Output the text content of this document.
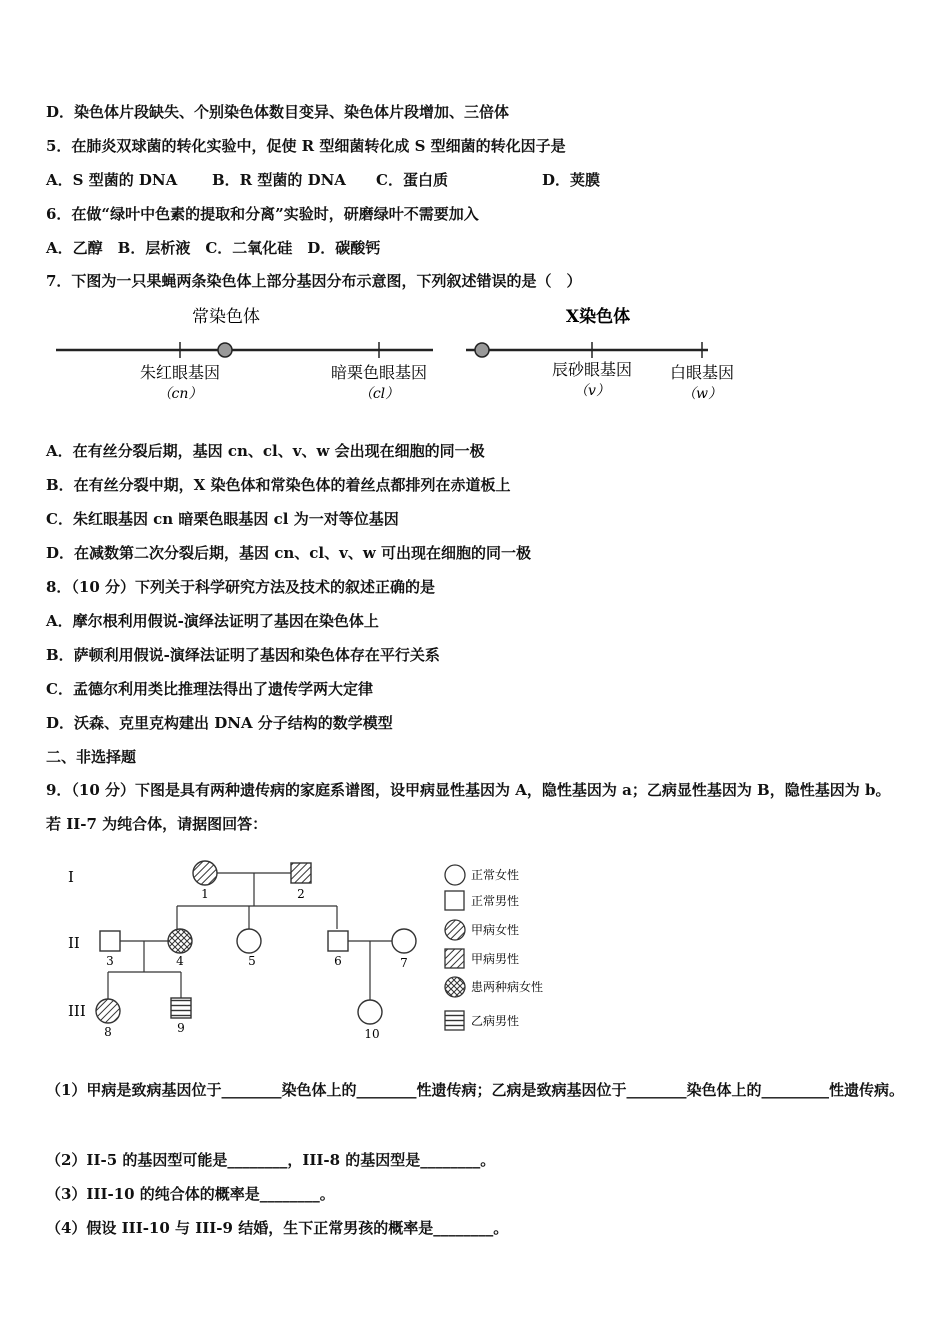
D．染色体片段缺失、个别染色体数目变异、染色体片段增加、三倍体
5．在肺炎双球菌的转化实验中，促使 R 型细菌转化成 S 型细菌的转化因子是
A．S 型菌的 DNA B．R 型菌的 DNA C．蛋白质	D．荚膜
6．在做“绿叶中色素的提取和分离”实验时，研磨绿叶不需要加入
A．乙醇　B．层析液　C．二氧化硅　D．碳酸钙
7．下图为一只果蝇两条染色体上部分基因分布示意图，下列叙述错误的是（　）
常染色体	X染色体
朱红眼基因
（cn）
暗栗色眼基因
（cl）
辰砂眼基因
（v）
白眼基因
（w）
A．在有丝分裂后期，基因 cn、cl、v、w 会出现在细胞的同一极
B．在有丝分裂中期，X 染色体和常染色体的着丝点都排列在赤道板上
C．朱红眼基因 cn 暗栗色眼基因 cl 为一对等位基因
D．在减数第二次分裂后期，基因 cn、cl、v、w 可出现在细胞的同一极
8．（10 分）下列关于科学研究方法及技术的叙述正确的是
A．摩尔根利用假说-演绎法证明了基因在染色体上
B．萨顿利用假说-演绎法证明了基因和染色体存在平行关系
C．孟德尔利用类比推理法得出了遗传学两大定律
D．沃森、克里克构建出 DNA 分子结构的数学模型
二、非选择题
9．（10 分）下图是具有两种遗传病的家庭系谱图，设甲病显性基因为 A，隐性基因为 a；乙病显性基因为 B，隐性基因为 b。若 II-7 为纯合体，请据图回答：
I
II
III
1	2
3	4	5	6	7
8	9	10
正常女性
正常男性
甲病女性
甲病男性
患两种病女性
乙病男性
（1）甲病是致病基因位于________染色体上的________性遗传病；乙病是致病基因位于________染色体上的_________性遗传病。
（2）II-5 的基因型可能是________，III-8 的基因型是________。
（3）III-10 的纯合体的概率是________。
（4）假设 III-10 与 III-9 结婚，生下正常男孩的概率是________。
